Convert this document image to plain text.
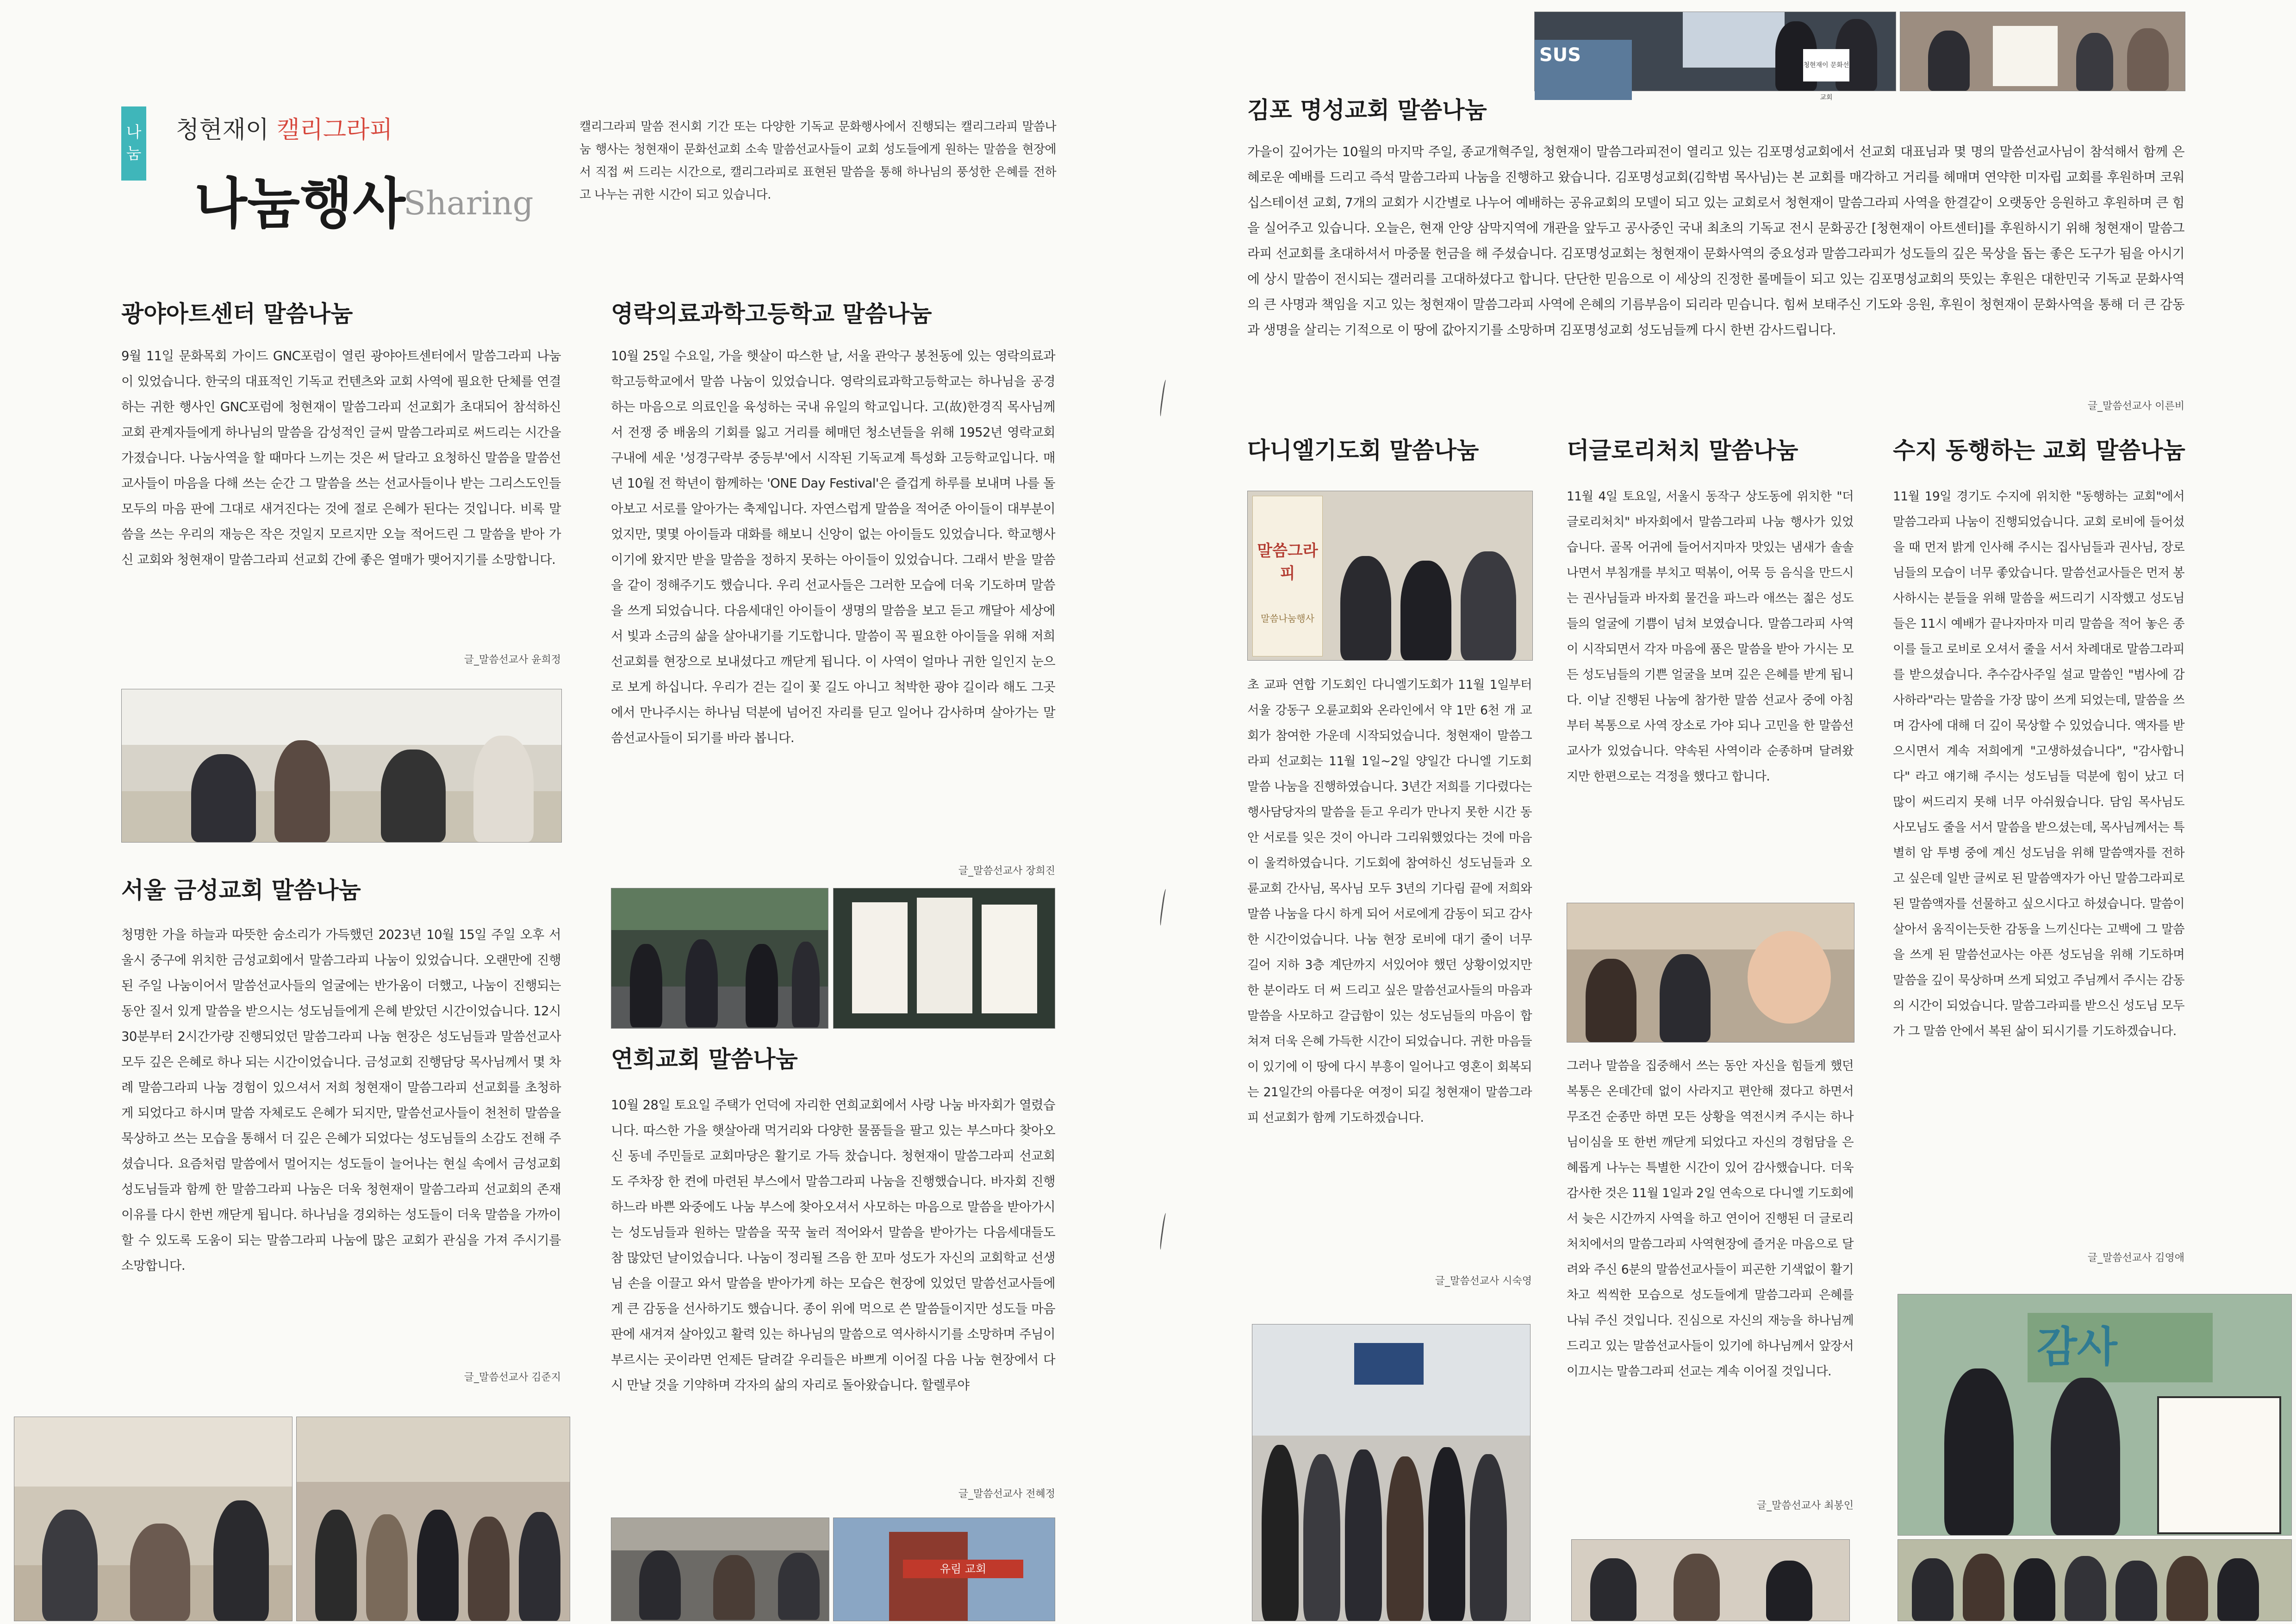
나
눔
청현재이 캘리그라피
나눔행사
Sharing

캘리그라피 말씀 전시회 기간 또는 다양한 기독교 문화행사에서 진행되는 캘리그라피 말씀나눔 행사는 청현재이 문화선교회 소속 말씀선교사들이 교회 성도들에게 원하는 말씀을 현장에서 직접 써 드리는 시간으로, 캘리그라피로 표현된 말씀을 통해 하나님의 풍성한 은혜를 전하고 나누는 귀한 시간이 되고 있습니다.

광야아트센터 말씀나눔

9월 11일 문화목회 가이드 GNC포럼이 열린 광야아트센터에서 말씀그라피 나눔이 있었습니다. 한국의 대표적인 기독교 컨텐츠와 교회 사역에 필요한 단체를 연결하는 귀한 행사인 GNC포럼에 청현재이 말씀그라피 선교회가 초대되어 참석하신 교회 관계자들에게 하나님의 말씀을 감성적인 글씨 말씀그라피로 써드리는 시간을 가졌습니다. 나눔사역을 할 때마다 느끼는 것은 써 달라고 요청하신 말씀을 말씀선교사들이 마음을 다해 쓰는 순간 그 말씀을 쓰는 선교사들이나 받는 그리스도인들 모두의 마음 판에 그대로 새겨진다는 것에 절로 은혜가 된다는 것입니다. 비록 말씀을 쓰는 우리의 재능은 작은 것일지 모르지만 오늘 적어드린 그 말씀을 받아 가신 교회와 청현재이 말씀그라피 선교회 간에 좋은 열매가 맺어지기를 소망합니다.

글_말씀선교사 윤희정
서울 금성교회 말씀나눔

청명한 가을 하늘과 따뜻한 숨소리가 가득했던 2023년 10월 15일 주일 오후 서울시 중구에 위치한 금성교회에서 말씀그라피 나눔이 있었습니다. 오랜만에 진행된 주일 나눔이어서 말씀선교사들의 얼굴에는 반가움이 더했고, 나눔이 진행되는 동안 질서 있게 말씀을 받으시는 성도님들에게 은혜 받았던 시간이었습니다. 12시 30분부터 2시간가량 진행되었던 말씀그라피 나눔 현장은 성도님들과 말씀선교사 모두 깊은 은혜로 하나 되는 시간이었습니다. 금성교회 진행담당 목사님께서 몇 차례 말씀그라피 나눔 경험이 있으셔서 저희 청현재이 말씀그라피 선교회를 초청하게 되었다고 하시며 말씀 자체로도 은혜가 되지만, 말씀선교사들이 천천히 말씀을 묵상하고 쓰는 모습을 통해서 더 깊은 은혜가 되었다는 성도님들의 소감도 전해 주셨습니다. 요즘처럼 말씀에서 멀어지는 성도들이 늘어나는 현실 속에서 금성교회 성도님들과 함께 한 말씀그라피 나눔은 더욱 청현재이 말씀그라피 선교회의 존재 이유를 다시 한번 깨닫게 됩니다. 하나님을 경외하는 성도들이 더욱 말씀을 가까이할 수 있도록 도움이 되는 말씀그라피 나눔에 많은 교회가 관심을 가져 주시기를 소망합니다.

글_말씀선교사 김준지
영락의료과학고등학교 말씀나눔

10월 25일 수요일, 가을 햇살이 따스한 날, 서울 관악구 봉천동에 있는 영락의료과학고등학교에서 말씀 나눔이 있었습니다. 영락의료과학고등학교는 하나님을 공경하는 마음으로 의료인을 육성하는 국내 유일의 학교입니다. 고(故)한경직 목사님께서 전쟁 중 배움의 기회를 잃고 거리를 헤매던 청소년들을 위해 1952년 영락교회 구내에 세운 '성경구락부 중등부'에서 시작된 기독교계 특성화 고등학교입니다. 매년 10월 전 학년이 함께하는 'ONE Day Festival'은 즐겁게 하루를 보내며 나를 돌아보고 서로를 알아가는 축제입니다. 자연스럽게 말씀을 적어준 아이들이 대부분이었지만, 몇몇 아이들과 대화를 해보니 신앙이 없는 아이들도 있었습니다. 학교행사이기에 왔지만 받을 말씀을 정하지 못하는 아이들이 있었습니다. 그래서 받을 말씀을 같이 정해주기도 했습니다. 우리 선교사들은 그러한 모습에 더욱 기도하며 말씀을 쓰게 되었습니다. 다음세대인 아이들이 생명의 말씀을 보고 듣고 깨달아 세상에서 빛과 소금의 삶을 살아내기를 기도합니다. 말씀이 꼭 필요한 아이들을 위해 저희 선교회를 현장으로 보내셨다고 깨닫게 됩니다. 이 사역이 얼마나 귀한 일인지 눈으로 보게 하십니다. 우리가 걷는 길이 꽃 길도 아니고 척박한 광야 길이라 해도 그곳에서 만나주시는 하나님 덕분에 넘어진 자리를 딛고 일어나 감사하며 살아가는 말씀선교사들이 되기를 바라 봅니다.

글_말씀선교사 장희진
연희교회 말씀나눔

10월 28일 토요일 주택가 언덕에 자리한 연희교회에서 사랑 나눔 바자회가 열렸습니다. 따스한 가을 햇살아래 먹거리와 다양한 물품들을 팔고 있는 부스마다 찾아오신 동네 주민들로 교회마당은 활기로 가득 찼습니다. 청현재이 말씀그라피 선교회도 주차장 한 켠에 마련된 부스에서 말씀그라피 나눔을 진행했습니다. 바자회 진행하느라 바쁜 와중에도 나눔 부스에 찾아오셔서 사모하는 마음으로 말씀을 받아가시는 성도님들과 원하는 말씀을 꾹꾹 눌러 적어와서 말씀을 받아가는 다음세대들도 참 많았던 날이었습니다. 나눔이 정리될 즈음 한 꼬마 성도가 자신의 교회학교 선생님 손을 이끌고 와서 말씀을 받아가게 하는 모습은 현장에 있었던 말씀선교사들에게 큰 감동을 선사하기도 했습니다. 종이 위에 먹으로 쓴 말씀들이지만 성도들 마음 판에 새겨져 살아있고 활력 있는 하나님의 말씀으로 역사하시기를 소망하며 주님이 부르시는 곳이라면 언제든 달려갈 우리들은 바쁘게 이어질 다음 나눔 현장에서 다시 만날 것을 기약하며 각자의 삶의 자리로 돌아왔습니다. 할렐루야

글_말씀선교사 전혜정
유림 교회
SUS	청현재이 문화선교회
김포 명성교회 말씀나눔

가을이 깊어가는 10월의 마지막 주일, 종교개혁주일, 청현재이 말씀그라피전이 열리고 있는 김포명성교회에서 선교회 대표님과 몇 명의 말씀선교사님이 참석해서 함께 은혜로운 예배를 드리고 즉석 말씀그라피 나눔을 진행하고 왔습니다. 김포명성교회(김학범 목사님)는 본 교회를 매각하고 거리를 헤매며 연약한 미자립 교회를 후원하며 코워십스테이션 교회, 7개의 교회가 시간별로 나누어 예배하는 공유교회의 모델이 되고 있는 교회로서 청현재이 말씀그라피 사역을 한결같이 오랫동안 응원하고 후원하며 큰 힘을 실어주고 있습니다. 오늘은, 현재 안양 삼막지역에 개관을 앞두고 공사중인 국내 최초의 기독교 전시 문화공간 [청현재이 아트센터]를 후원하시기 위해 청현재이 말씀그라피 선교회를 초대하셔서 마중물 헌금을 해 주셨습니다. 김포명성교회는 청현재이 문화사역의 중요성과 말씀그라피가 성도들의 깊은 묵상을 돕는 좋은 도구가 됨을 아시기에 상시 말씀이 전시되는 갤러리를 고대하셨다고 합니다. 단단한 믿음으로 이 세상의 진정한 롤메들이 되고 있는 김포명성교회의 뜻있는 후원은 대한민국 기독교 문화사역의 큰 사명과 책임을 지고 있는 청현재이 말씀그라피 사역에 은혜의 기름부음이 되리라 믿습니다. 힘써 보태주신 기도와 응원, 후원이 청현재이 문화사역을 통해 더 큰 감동과 생명을 살리는 기적으로 이 땅에 값아지기를 소망하며 김포명성교회 성도님들께 다시 한번 감사드립니다.

글_말씀선교사 이른비
다니엘기도회 말씀나눔
말씀그라피
말씀나눔행사

초 교파 연합 기도회인 다니엘기도회가 11월 1일부터 서울 강동구 오륜교회와 온라인에서 약 1만 6천 개 교회가 참여한 가운데 시작되었습니다. 청현재이 말씀그라피 선교회는 11월 1일~2일 양일간 다니엘 기도회 말씀 나눔을 진행하였습니다. 3년간 저희를 기다렸다는 행사담당자의 말씀을 듣고 우리가 만나지 못한 시간 동안 서로를 잊은 것이 아니라 그리워했었다는 것에 마음이 울컥하였습니다. 기도회에 참여하신 성도님들과 오륜교회 간사님, 목사님 모두 3년의 기다림 끝에 저희와 말씀 나눔을 다시 하게 되어 서로에게 감동이 되고 감사한 시간이었습니다. 나눔 현장 로비에 대기 줄이 너무 길어 지하 3층 계단까지 서있어야 했던 상황이었지만 한 분이라도 더 써 드리고 싶은 말씀선교사들의 마음과 말씀을 사모하고 갈급함이 있는 성도님들의 마음이 합쳐져 더욱 은혜 가득한 시간이 되었습니다. 귀한 마음들이 있기에 이 땅에 다시 부흥이 일어나고 영혼이 회복되는 21일간의 아름다운 여정이 되길 청현재이 말씀그라피 선교회가 함께 기도하겠습니다.

글_말씀선교사 시숙영
더글로리처치 말씀나눔

11월 4일 토요일, 서울시 동작구 상도동에 위치한 "더글로리처치" 바자회에서 말씀그라피 나눔 행사가 있었습니다. 골목 어귀에 들어서지마자 맛있는 냄새가 솔솔 나면서 부침개를 부치고 떡볶이, 어묵 등 음식을 만드시는 권사님들과 바자회 물건을 파느라 애쓰는 젊은 성도들의 얼굴에 기쁨이 넘쳐 보였습니다. 말씀그라피 사역이 시작되면서 각자 마음에 품은 말씀을 받아 가시는 모든 성도님들의 기쁜 얼굴을 보며 깊은 은혜를 받게 됩니다. 이날 진행된 나눔에 참가한 말씀 선교사 중에 아침부터 복통으로 사역 장소로 가야 되나 고민을 한 말씀선교사가 있었습니다. 약속된 사역이라 순종하며 달려왔지만 한편으로는 걱정을 했다고 합니다.

그러나 말씀을 집중해서 쓰는 동안 자신을 힘들게 했던 복통은 온데간데 없이 사라지고 편안해 졌다고 하면서 무조건 순종만 하면 모든 상황을 역전시켜 주시는 하나님이심을 또 한번 깨닫게 되었다고 자신의 경험담을 은혜롭게 나누는 특별한 시간이 있어 감사했습니다. 더욱 감사한 것은 11월 1일과 2일 연속으로 다니엘 기도회에서 늦은 시간까지 사역을 하고 연이어 진행된 더 글로리처치에서의 말씀그라피 사역현장에 즐거운 마음으로 달려와 주신 6분의 말씀선교사들이 피곤한 기색없이 활기차고 씩씩한 모습으로 성도들에게 말씀그라피 은혜를 나눠 주신 것입니다. 진심으로 자신의 재능을 하나님께 드리고 있는 말씀선교사들이 있기에 하나님께서 앞장서 이끄시는 말씀그라피 선교는 계속 이어질 것입니다.

글_말씀선교사 최봉인
수지 동행하는 교회 말씀나눔

11월 19일 경기도 수지에 위치한 "동행하는 교회"에서 말씀그라피 나눔이 진행되었습니다. 교회 로비에 들어섰을 때 먼저 밝게 인사해 주시는 집사님들과 권사님, 장로님들의 모습이 너무 좋았습니다. 말씀선교사들은 먼저 봉사하시는 분들을 위해 말씀을 써드리기 시작했고 성도님들은 11시 예배가 끝나자마자 미리 말씀을 적어 놓은 종이를 들고 로비로 오셔서 줄을 서서 차례대로 말씀그라피를 받으셨습니다. 추수감사주일 설교 말씀인 "범사에 감사하라"라는 말씀을 가장 많이 쓰게 되었는데, 말씀을 쓰며 감사에 대해 더 깊이 묵상할 수 있었습니다. 액자를 받으시면서 계속 저희에게 "고생하셨습니다", "감사합니다" 라고 얘기해 주시는 성도님들 덕분에 힘이 났고 더 많이 써드리지 못해 너무 아쉬웠습니다. 담임 목사님도 사모님도 줄을 서서 말씀을 받으셨는데, 목사님께서는 특별히 암 투병 중에 계신 성도님을 위해 말씀액자를 전하고 싶은데 일반 글씨로 된 말씀액자가 아닌 말씀그라피로 된 말씀액자를 선물하고 싶으시다고 하셨습니다. 말씀이 살아서 움직이는듯한 감동을 느끼신다는 고백에 그 말씀을 쓰게 된 말씀선교사는 아픈 성도님을 위해 기도하며 말씀을 깊이 묵상하며 쓰게 되었고 주님께서 주시는 감동의 시간이 되었습니다. 말씀그라피를 받으신 성도님 모두가 그 말씀 안에서 복된 삶이 되시기를 기도하겠습니다.

글_말씀선교사 김영애
감사
